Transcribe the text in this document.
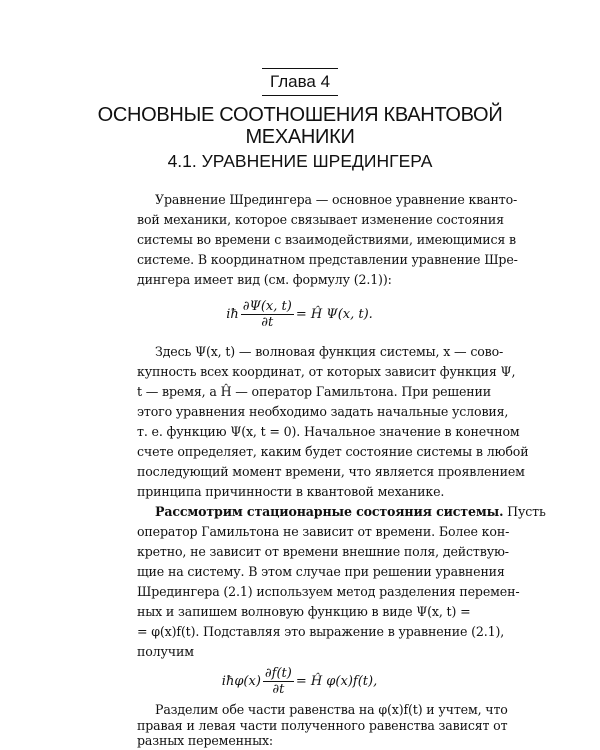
Глава 4
ОСНОВНЫЕ СООТНОШЕНИЯ КВАНТОВОЙ
МЕХАНИКИ
4.1. УРАВНЕНИЕ ШРЕДИНГЕРА
Уравнение Шредингера — основное уравнение кванто-
вой механики, которое связывает изменение состояния
системы во времени с взаимодействиями, имеющимися в
системе. В координатном представлении уравнение Шре-
дингера имеет вид (см. формулу (2.1)):
iħ $\frac{\partial\Psi(x, t)}{\partial t}$ = Ĥ Ψ(x, t).
Здесь Ψ(x, t) — волновая функция системы, x — сово-
купность всех координат, от которых зависит функция Ψ,
t — время, а Ĥ — оператор Гамильтона. При решении
этого уравнения необходимо задать начальные условия,
т. е. функцию Ψ(x, t = 0). Начальное значение в конечном
счете определяет, каким будет состояние системы в любой
последующий момент времени, что является проявлением
принципа причинности в квантовой механике.
Рассмотрим стационарные состояния системы. Пусть
оператор Гамильтона не зависит от времени. Более кон-
кретно, не зависит от времени внешние поля, действую-
щие на систему. В этом случае при решении уравнения
Шредингера (2.1) используем метод разделения перемен-
ных и запишем волновую функцию в виде Ψ(x, t) =
= φ(x)f(t). Подставляя это выражение в уравнение (2.1),
получим
iħφ(x) $\frac{\partial f(t)}{\partial t}$ = Ĥ φ(x)f(t),
Разделим обе части равенства на φ(x)f(t) и учтем, что
правая и левая части полученного равенства зависят от
разных переменных:
